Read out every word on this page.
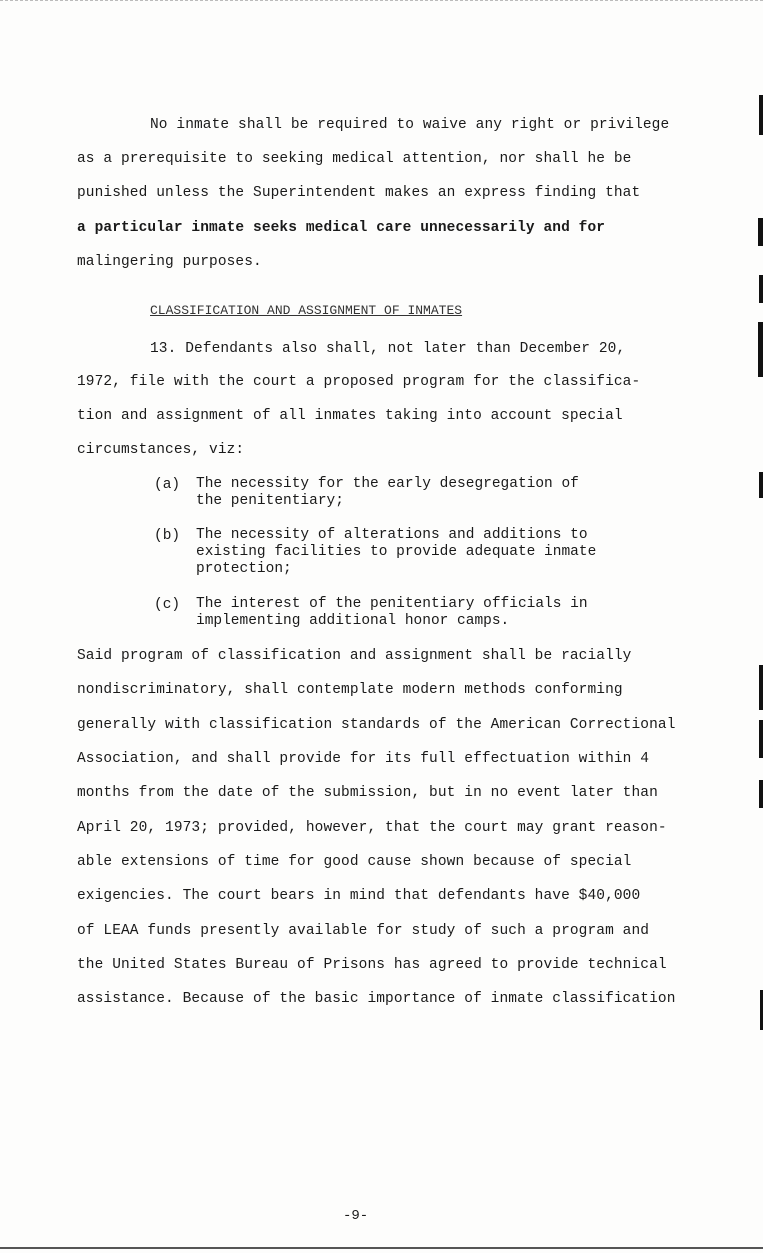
No inmate shall be required to waive any right or privilege
as a prerequisite to seeking medical attention, nor shall he be
punished unless the Superintendent makes an express finding that
a particular inmate seeks medical care unnecessarily and for
malingering purposes.
CLASSIFICATION AND ASSIGNMENT OF INMATES
13. Defendants also shall, not later than December 20,
1972, file with the court a proposed program for the classifica-
tion and assignment of all inmates taking into account special
circumstances, viz:
(a) The necessity for the early desegregation of
the penitentiary;
(b) The necessity of alterations and additions to
existing facilities to provide adequate inmate
protection;
(c) The interest of the penitentiary officials in
implementing additional honor camps.
Said program of classification and assignment shall be racially
nondiscriminatory, shall contemplate modern methods conforming
generally with classification standards of the American Correctional
Association, and shall provide for its full effectuation within 4
months from the date of the submission, but in no event later than
April 20, 1973; provided, however, that the court may grant reason-
able extensions of time for good cause shown because of special
exigencies. The court bears in mind that defendants have $40,000
of LEAA funds presently available for study of such a program and
the United States Bureau of Prisons has agreed to provide technical
assistance. Because of the basic importance of inmate classification
-9-
